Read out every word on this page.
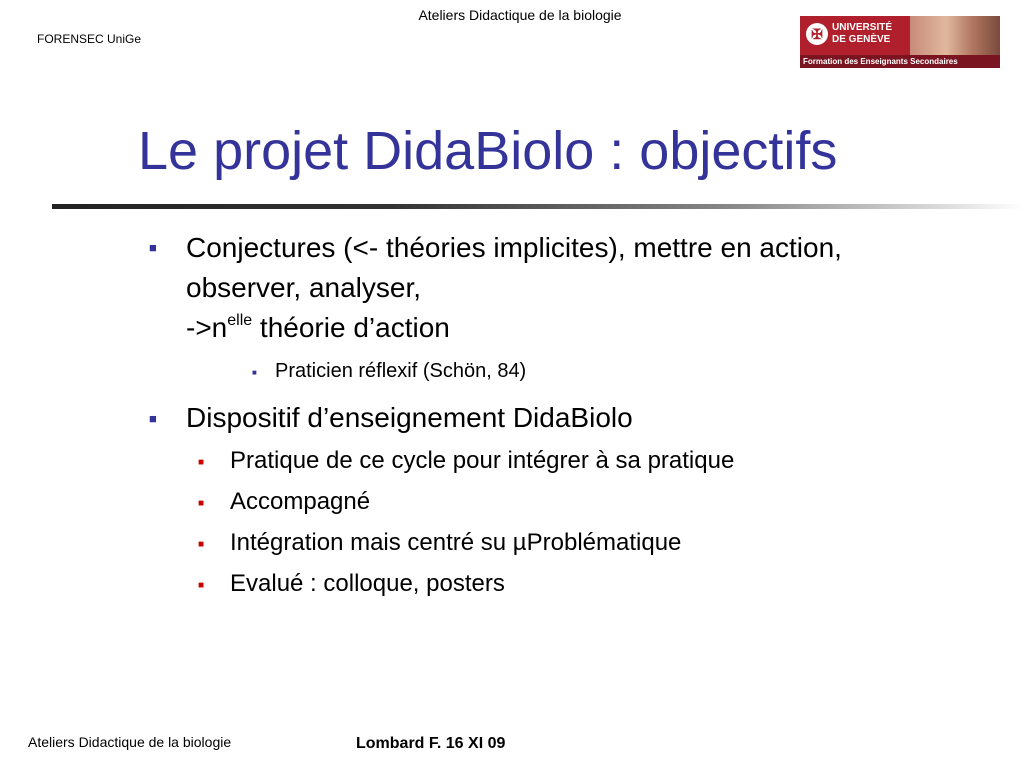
Ateliers Didactique de la biologie
FORENSEC UniGe	✠ UNIVERSITÉ
DE GENÈVE
Formation des Enseignants Secondaires
Le projet DidaBiolo : objectifs
■ Conjectures (<- théories implicites), mettre en action,
observer, analyser,
$->n^{elle}$ théorie d’action
■ Praticien réflexif (Schön, 84)
■ Dispositif d’enseignement DidaBiolo
■ Pratique de ce cycle pour intégrer à sa pratique
■ Accompagné
■ Intégration mais centré su µProblématique
■ Evalué : colloque, posters
Ateliers Didactique de la biologie	Lombard F. 16 XI 09
